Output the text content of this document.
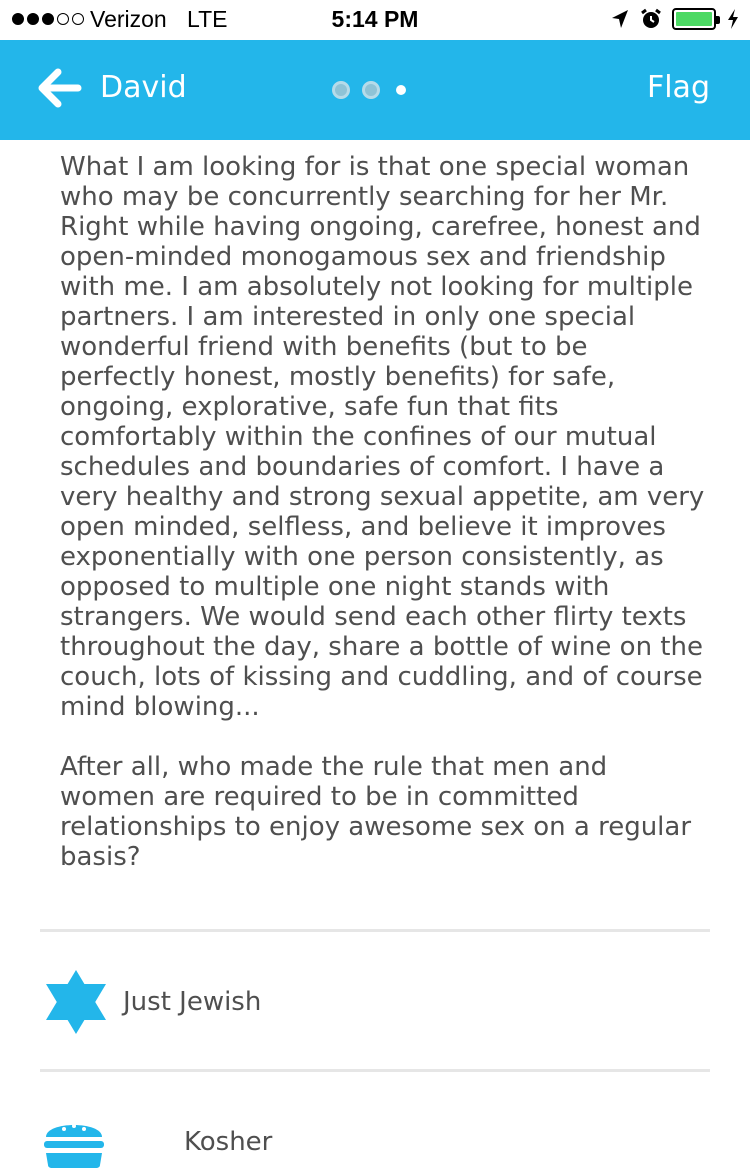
Verizon LTE	5:14 PM
David	Flag

What I am looking for is that one special woman
who may be concurrently searching for her Mr.
Right while having ongoing, carefree, honest and
open-minded monogamous sex and friendship
with me. I am absolutely not looking for multiple
partners. I am interested in only one special
wonderful friend with benefits (but to be
perfectly honest, mostly benefits) for safe,
ongoing, explorative, safe fun that fits
comfortably within the confines of our mutual
schedules and boundaries of comfort. I have a
very healthy and strong sexual appetite, am very
open minded, selfless, and believe it improves
exponentially with one person consistently, as
opposed to multiple one night stands with
strangers. We would send each other flirty texts
throughout the day, share a bottle of wine on the
couch, lots of kissing and cuddling, and of course
mind blowing...

After all, who made the rule that men and
women are required to be in committed
relationships to enjoy awesome sex on a regular
basis?

Just Jewish
Kosher
